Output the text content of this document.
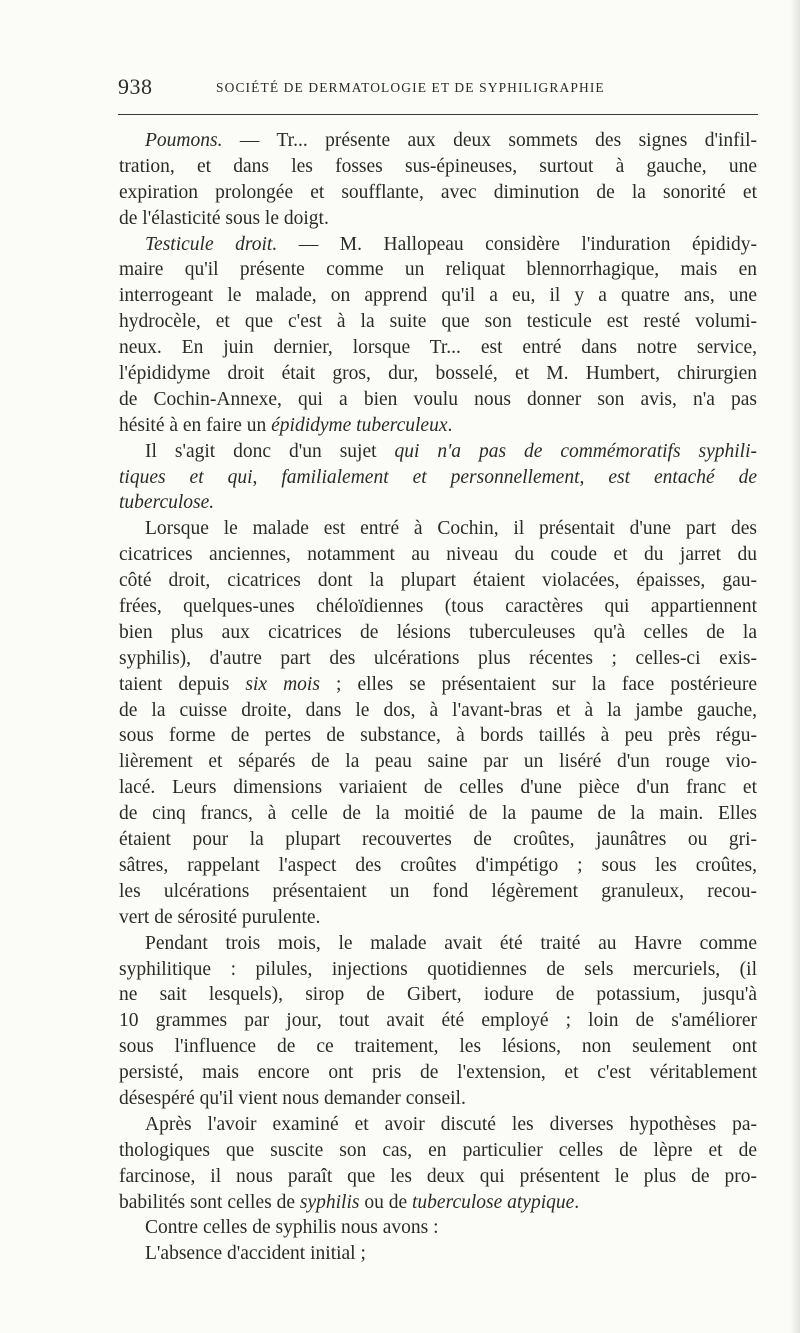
938	SOCIÉTÉ DE DERMATOLOGIE ET DE SYPHILIGRAPHIE
Poumons. — Tr... présente aux deux sommets des signes d'infil-
tration, et dans les fosses sus-épineuses, surtout à gauche, une
expiration prolongée et soufflante, avec diminution de la sonorité et
de l'élasticité sous le doigt.
Testicule droit. — M. Hallopeau considère l'induration épididy-
maire qu'il présente comme un reliquat blennorrhagique, mais en
interrogeant le malade, on apprend qu'il a eu, il y a quatre ans, une
hydrocèle, et que c'est à la suite que son testicule est resté volumi-
neux. En juin dernier, lorsque Tr... est entré dans notre service,
l'épididyme droit était gros, dur, bosselé, et M. Humbert, chirurgien
de Cochin-Annexe, qui a bien voulu nous donner son avis, n'a pas
hésité à en faire un épididyme tuberculeux.
Il s'agit donc d'un sujet qui n'a pas de commémoratifs syphili-
tiques et qui, familialement et personnellement, est entaché de
tuberculose.
Lorsque le malade est entré à Cochin, il présentait d'une part des
cicatrices anciennes, notamment au niveau du coude et du jarret du
côté droit, cicatrices dont la plupart étaient violacées, épaisses, gau-
frées, quelques-unes chéloïdiennes (tous caractères qui appartiennent
bien plus aux cicatrices de lésions tuberculeuses qu'à celles de la
syphilis), d'autre part des ulcérations plus récentes ; celles-ci exis-
taient depuis six mois ; elles se présentaient sur la face postérieure
de la cuisse droite, dans le dos, à l'avant-bras et à la jambe gauche,
sous forme de pertes de substance, à bords taillés à peu près régu-
lièrement et séparés de la peau saine par un liséré d'un rouge vio-
lacé. Leurs dimensions variaient de celles d'une pièce d'un franc et
de cinq francs, à celle de la moitié de la paume de la main. Elles
étaient pour la plupart recouvertes de croûtes, jaunâtres ou gri-
sâtres, rappelant l'aspect des croûtes d'impétigo ; sous les croûtes,
les ulcérations présentaient un fond légèrement granuleux, recou-
vert de sérosité purulente.
Pendant trois mois, le malade avait été traité au Havre comme
syphilitique : pilules, injections quotidiennes de sels mercuriels, (il
ne sait lesquels), sirop de Gibert, iodure de potassium, jusqu'à
10 grammes par jour, tout avait été employé ; loin de s'améliorer
sous l'influence de ce traitement, les lésions, non seulement ont
persisté, mais encore ont pris de l'extension, et c'est véritablement
désespéré qu'il vient nous demander conseil.
Après l'avoir examiné et avoir discuté les diverses hypothèses pa-
thologiques que suscite son cas, en particulier celles de lèpre et de
farcinose, il nous paraît que les deux qui présentent le plus de pro-
babilités sont celles de syphilis ou de tuberculose atypique.
Contre celles de syphilis nous avons :
L'absence d'accident initial ;
